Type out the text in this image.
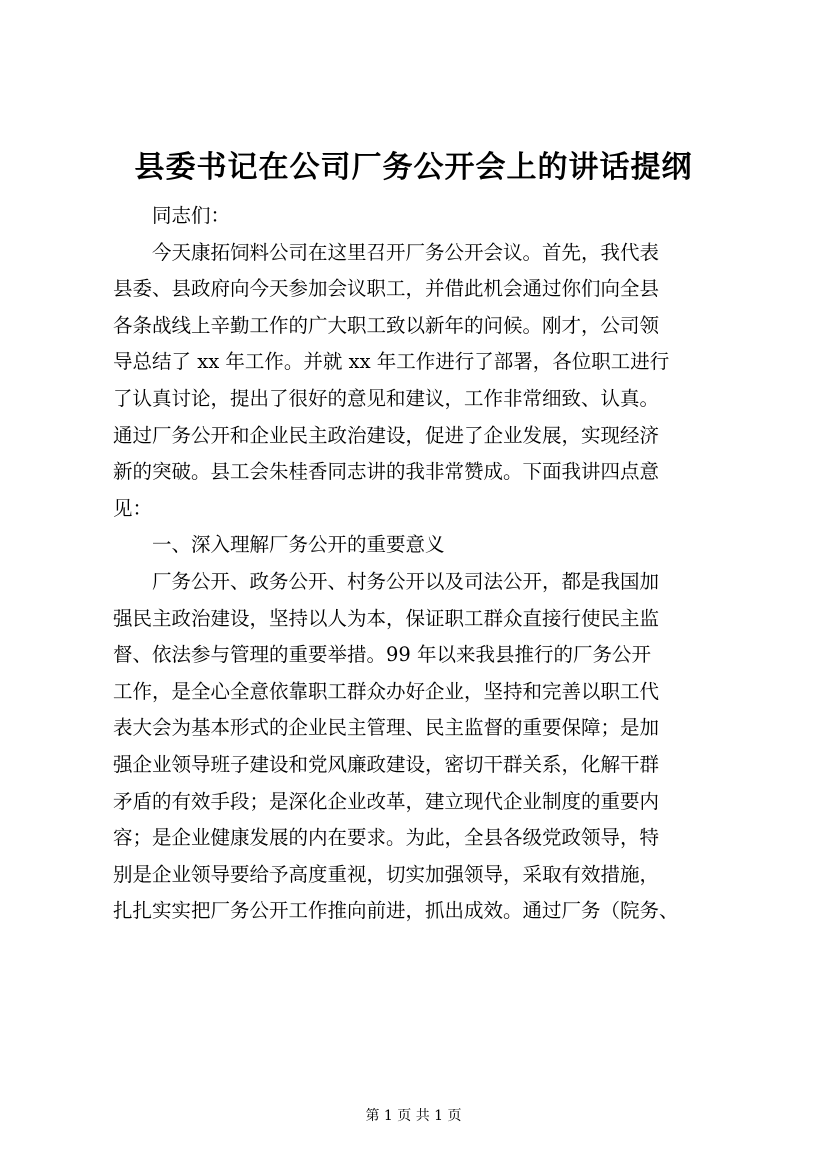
县委书记在公司厂务公开会上的讲话提纲
同志们：
今天康拓饲料公司在这里召开厂务公开会议。首先，我代表
县委、县政府向今天参加会议职工，并借此机会通过你们向全县
各条战线上辛勤工作的广大职工致以新年的问候。刚才，公司领
导总结了 xx 年工作。并就 xx 年工作进行了部署，各位职工进行
了认真讨论，提出了很好的意见和建议，工作非常细致、认真。
通过厂务公开和企业民主政治建设，促进了企业发展，实现经济
新的突破。县工会朱桂香同志讲的我非常赞成。下面我讲四点意
见：
一、深入理解厂务公开的重要意义
厂务公开、政务公开、村务公开以及司法公开，都是我国加
强民主政治建设，坚持以人为本，保证职工群众直接行使民主监
督、依法参与管理的重要举措。99 年以来我县推行的厂务公开
工作，是全心全意依靠职工群众办好企业，坚持和完善以职工代
表大会为基本形式的企业民主管理、民主监督的重要保障；是加
强企业领导班子建设和党风廉政建设，密切干群关系，化解干群
矛盾的有效手段；是深化企业改革，建立现代企业制度的重要内
容；是企业健康发展的内在要求。为此，全县各级党政领导，特
别是企业领导要给予高度重视，切实加强领导，采取有效措施，
扎扎实实把厂务公开工作推向前进，抓出成效。通过厂务（院务、
第 1 页 共 1 页
